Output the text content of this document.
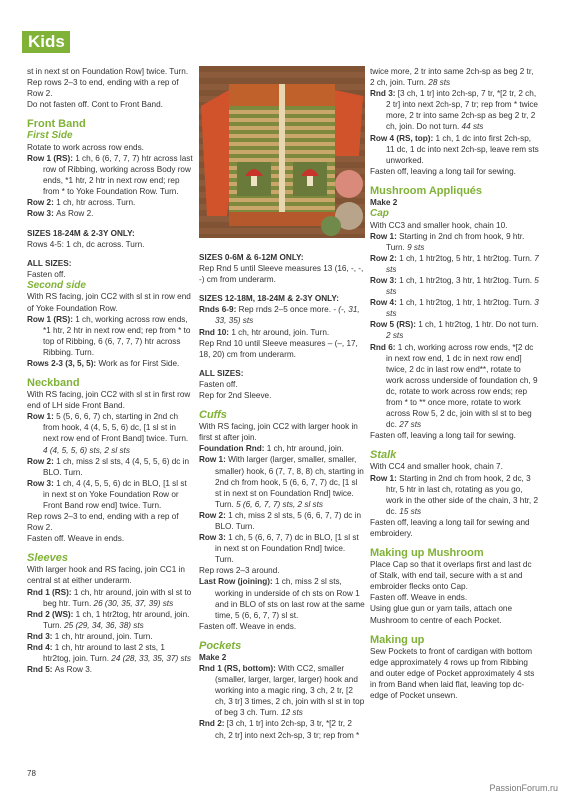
Kids

st in next st on Foundation Row] twice. Turn.

Rep rows 2–3 to end, ending with a rep of Row 2.

Do not fasten off. Cont to Front Band.

Front Band
First Side

Rotate to work across row ends.

Row 1 (RS): 1 ch, 6 (6, 7, 7, 7) htr across last row of Ribbing, working across Body row ends, *1 htr, 2 htr in next row end; rep from * to Yoke Foundation Row. Turn.

Row 2: 1 ch, htr across. Turn.

Row 3: As Row 2.

SIZES 18-24M & 2-3Y ONLY:

Rows 4-5: 1 ch, dc across. Turn.

ALL SIZES:

Fasten off.

Second side

With RS facing, join CC2 with sl st in row end of Yoke Foundation Row.

Row 1 (RS): 1 ch, working across row ends, *1 htr, 2 htr in next row end; rep from * to top of Ribbing, 6 (6, 7, 7, 7) htr across Ribbing. Turn.

Rows 2-3 (3, 5, 5): Work as for First Side.

Neckband

With RS facing, join CC2 with sl st in first row end of LH side Front Band.

Row 1: 5 (5, 6, 6, 7) ch, starting in 2nd ch from hook, 4 (4, 5, 5, 6) dc, [1 sl st in next row end of Front Band] twice. Turn. 4 (4, 5, 5, 6) sts, 2 sl sts

Row 2: 1 ch, miss 2 sl sts, 4 (4, 5, 5, 6) dc in BLO. Turn.

Row 3: 1 ch, 4 (4, 5, 5, 6) dc in BLO, [1 sl st in next st on Yoke Foundation Row or Front Band row end] twice. Turn.

Rep rows 2–3 to end, ending with a rep of Row 2.

Fasten off. Weave in ends.

Sleeves

With larger hook and RS facing, join CC1 in central st at either underarm.

Rnd 1 (RS): 1 ch, htr around, join with sl st to beg htr. Turn. 26 (30, 35, 37, 39) sts

Rnd 2 (WS): 1 ch, 1 htr2tog, htr around, join. Turn. 25 (29, 34, 36, 38) sts

Rnd 3: 1 ch, htr around, join. Turn.

Rnd 4: 1 ch, htr around to last 2 sts, 1 htr2tog, join. Turn. 24 (28, 33, 35, 37) sts

Rnd 5: As Row 3.

SIZES 0-6M & 6-12M ONLY:

Rep Rnd 5 until Sleeve measures 13 (16, -, -, -) cm from underarm.

SIZES 12-18M, 18-24M & 2-3Y ONLY:

Rnds 6-9: Rep rnds 2–5 once more. - (-, 31, 33, 35) sts

Rnd 10: 1 ch, htr around, join. Turn.

Rep Rnd 10 until Sleeve measures – (–, 17, 18, 20) cm from underarm.

ALL SIZES:

Fasten off.

Rep for 2nd Sleeve.

Cuffs

With RS facing, join CC2 with larger hook in first st after join.

Foundation Rnd: 1 ch, htr around, join.

Row 1: With larger (larger, smaller, smaller, smaller) hook, 6 (7, 7, 8, 8) ch, starting in 2nd ch from hook, 5 (6, 6, 7, 7) dc, [1 sl st in next st on Foundation Rnd] twice. Turn. 5 (6, 6, 7, 7) sts, 2 sl sts

Row 2: 1 ch, miss 2 sl sts, 5 (6, 6, 7, 7) dc in BLO. Turn.

Row 3: 1 ch, 5 (6, 6, 7, 7) dc in BLO, [1 sl st in next st on Foundation Rnd] twice. Turn.

Rep rows 2–3 around.

Last Row (joining): 1 ch, miss 2 sl sts, working in underside of ch sts on Row 1 and in BLO of sts on last row at the same time, 5 (6, 6, 7, 7) sl st.

Fasten off. Weave in ends.

Pockets

Make 2

Rnd 1 (RS, bottom): With CC2, smaller (smaller, larger, larger, larger) hook and working into a magic ring, 3 ch, 2 tr, [2 ch, 3 tr] 3 times, 2 ch, join with sl st in top of beg 3 ch. Turn. 12 sts

Rnd 2: [3 ch, 1 tr] into 2ch-sp, 3 tr, *[2 tr, 2 ch, 2 tr] into next 2ch-sp, 3 tr; rep from *

twice more, 2 tr into same 2ch-sp as beg 2 tr, 2 ch, join. Turn. 28 sts

Rnd 3: [3 ch, 1 tr] into 2ch-sp, 7 tr, *[2 tr, 2 ch, 2 tr] into next 2ch-sp, 7 tr; rep from * twice more, 2 tr into same 2ch-sp as beg 2 tr, 2 ch, join. Do not turn. 44 sts

Row 4 (RS, top): 1 ch, 1 dc into first 2ch-sp, 11 dc, 1 dc into next 2ch-sp, leave rem sts unworked.

Fasten off, leaving a long tail for sewing.

Mushroom Appliqués

Make 2

Cap

With CC3 and smaller hook, chain 10.

Row 1: Starting in 2nd ch from hook, 9 htr. Turn. 9 sts

Row 2: 1 ch, 1 htr2tog, 5 htr, 1 htr2tog. Turn. 7 sts

Row 3: 1 ch, 1 htr2tog, 3 htr, 1 htr2tog. Turn. 5 sts

Row 4: 1 ch, 1 htr2tog, 1 htr, 1 htr2tog. Turn. 3 sts

Row 5 (RS): 1 ch, 1 htr2tog, 1 htr. Do not turn. 2 sts

Rnd 6: 1 ch, working across row ends, *[2 dc in next row end, 1 dc in next row end] twice, 2 dc in last row end**, rotate to work across underside of foundation ch, 9 dc, rotate to work across row ends; rep from * to ** once more, rotate to work across Row 5, 2 dc, join with sl st to beg dc. 27 sts

Fasten off, leaving a long tail for sewing.

Stalk

With CC4 and smaller hook, chain 7.

Row 1: Starting in 2nd ch from hook, 2 dc, 3 htr, 5 htr in last ch, rotating as you go, work in the other side of the chain, 3 htr, 2 dc. 15 sts

Fasten off, leaving a long tail for sewing and embroidery.

Making up Mushroom

Place Cap so that it overlaps first and last dc of Stalk, with end tail, secure with a st and embroider flecks onto Cap.

Fasten off. Weave in ends.

Using glue gun or yarn tails, attach one Mushroom to centre of each Pocket.

Making up

Sew Pockets to front of cardigan with bottom edge approximately 4 rows up from Ribbing and outer edge of Pocket approximately 4 sts in from Band when laid flat, leaving top dc-edge of Pocket unsewn.

78
PassionForum.ru
